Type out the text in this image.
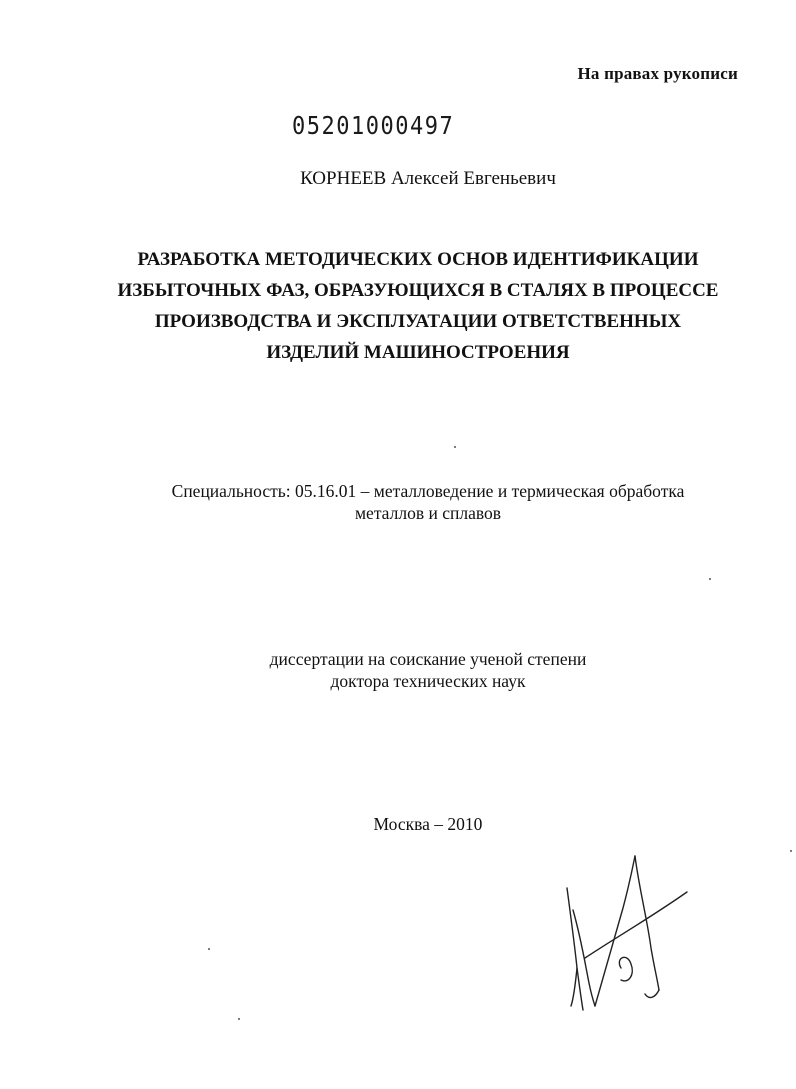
На правах рукописи
05201000497
КОРНЕЕВ Алексей Евгеньевич
РАЗРАБОТКА МЕТОДИЧЕСКИХ ОСНОВ ИДЕНТИФИКАЦИИ
ИЗБЫТОЧНЫХ ФАЗ, ОБРАЗУЮЩИХСЯ В СТАЛЯХ В ПРОЦЕССЕ
ПРОИЗВОДСТВА И ЭКСПЛУАТАЦИИ ОТВЕТСТВЕННЫХ
ИЗДЕЛИЙ МАШИНОСТРОЕНИЯ
Специальность: 05.16.01 – металловедение и термическая обработка
металлов и сплавов
диссертации на соискание ученой степени
доктора технических наук
Москва – 2010
